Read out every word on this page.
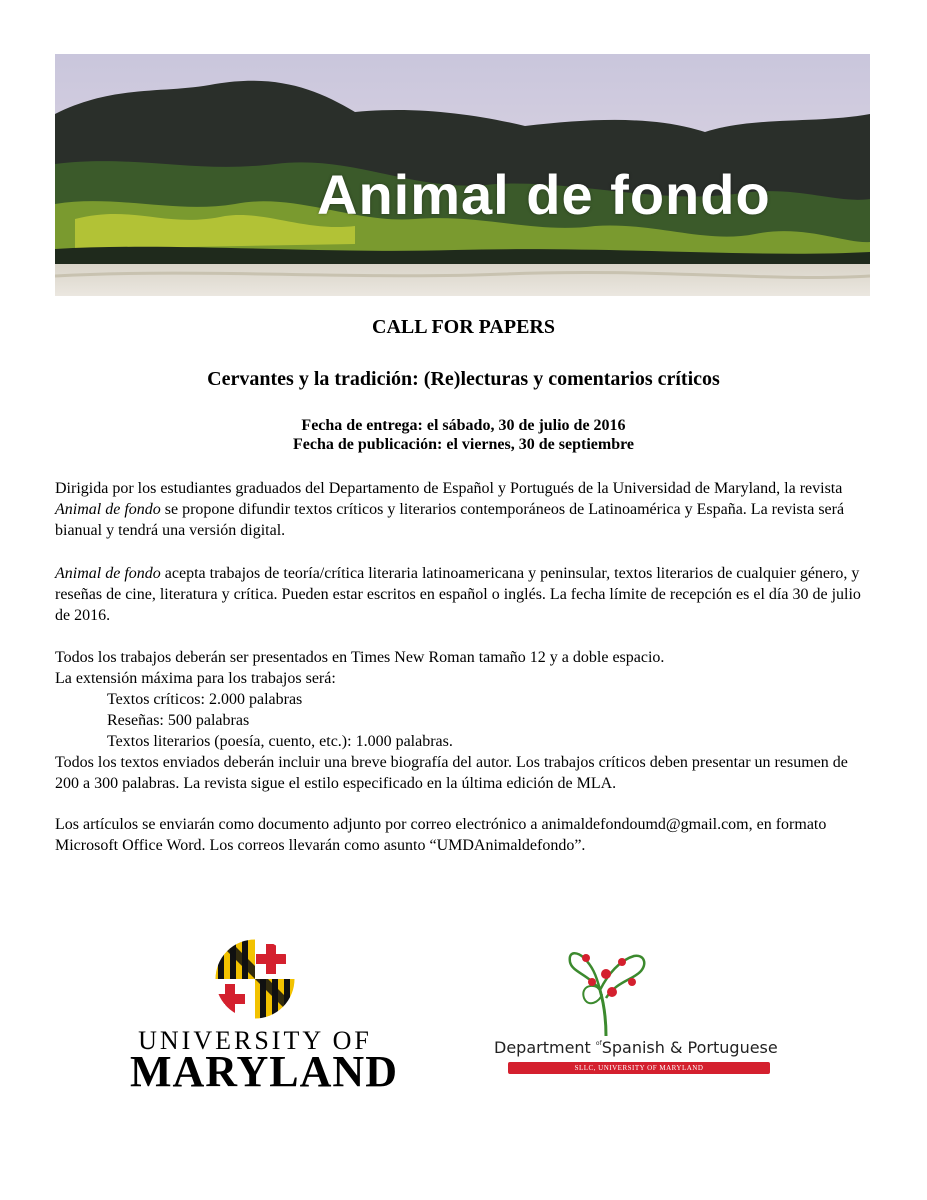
Animal de fondo
CALL FOR PAPERS
Cervantes y la tradición: (Re)lecturas y comentarios críticos
Fecha de entrega: el sábado, 30 de julio de 2016
Fecha de publicación: el viernes, 30 de septiembre
Dirigida por los estudiantes graduados del Departamento de Español y Portugués de la Universidad de Maryland, la revista Animal de fondo se propone difundir textos críticos y literarios contemporáneos de Latinoamérica y España. La revista será bianual y tendrá una versión digital.
Animal de fondo acepta trabajos de teoría/crítica literaria latinoamericana y peninsular, textos literarios de cualquier género, y reseñas de cine, literatura y crítica. Pueden estar escritos en español o inglés. La fecha límite de recepción es el día 30 de julio de 2016.
Todos los trabajos deberán ser presentados en Times New Roman tamaño 12 y a doble espacio.
La extensión máxima para los trabajos será:
Textos críticos: 2.000 palabras
Reseñas: 500 palabras
Textos literarios (poesía, cuento, etc.): 1.000 palabras.
Todos los textos enviados deberán incluir una breve biografía del autor. Los trabajos críticos deben presentar un resumen de 200 a 300 palabras. La revista sigue el estilo especificado en la última edición de MLA.
Los artículos se enviarán como documento adjunto por correo electrónico a animaldefondoumd@gmail.com, en formato Microsoft Office Word. Los correos llevarán como asunto “UMDAnimaldefondo”.
UNIVERSITY OF
MARYLAND	Department $^{of}$Spanish & Portuguese
SLLC, UNIVERSITY OF MARYLAND
